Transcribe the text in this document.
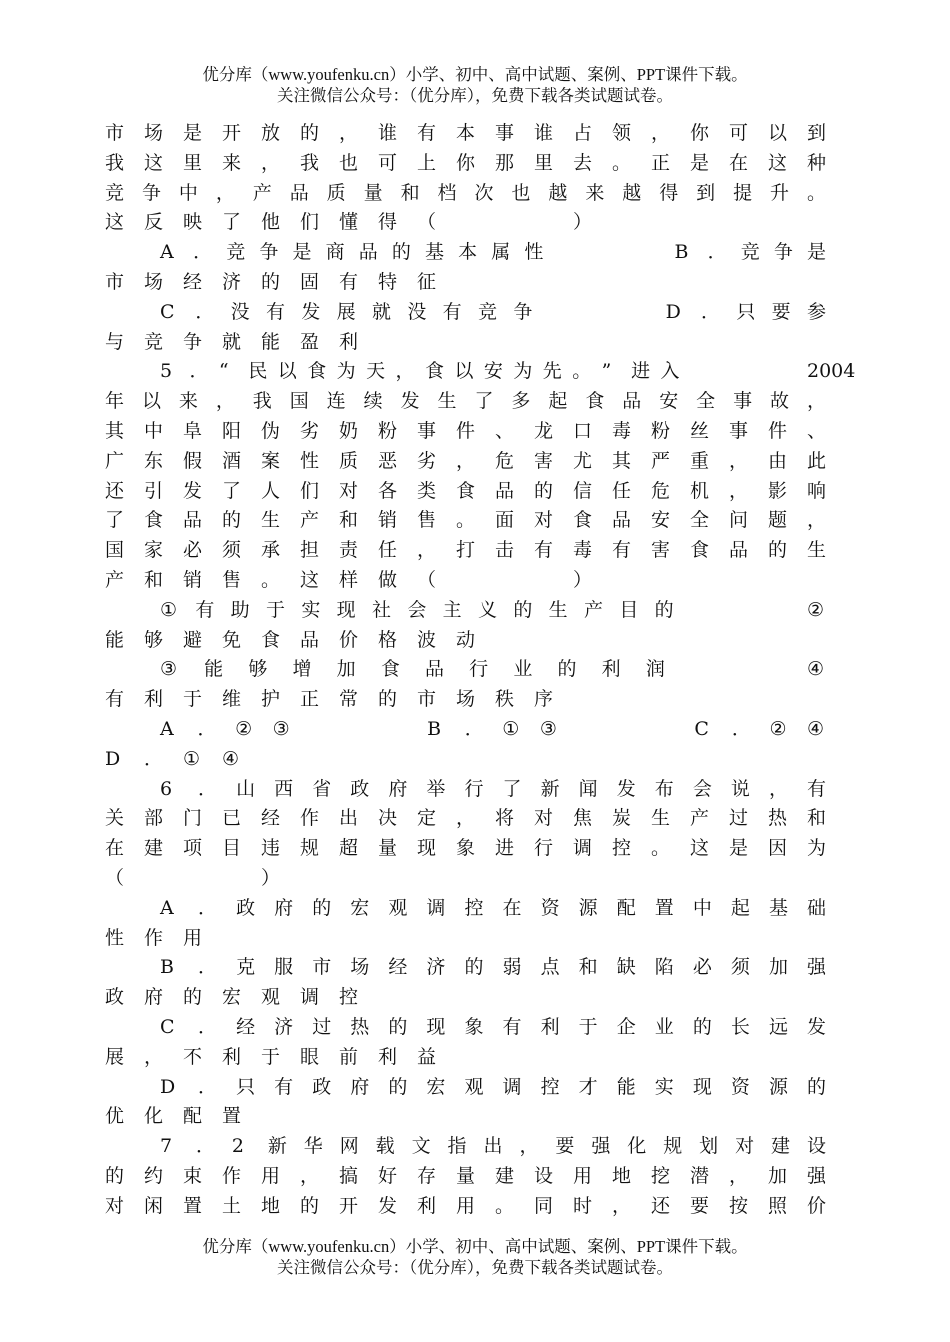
优分库（www.youfenku.cn）小学、初中、高中试题、案例、PPT课件下载。
关注微信公众号：（优分库），免费下载各类试题试卷。
市 场 是 开 放 的 ， 谁 有 本 事 谁 占 领 ， 你 可 以 到
我 这 里 来 ， 我 也 可 上 你 那 里 去 。 正 是 在 这 种
竞 争 中 ， 产 品 质 量 和 档 次 也 越 来 越 得 到 提 升 。
这 反 映 了 他 们 懂 得 （	）
A ． 竞 争 是 商 品 的 基 本 属 性	B ． 竞 争 是
市 场 经 济 的 固 有 特 征
C ． 没 有 发 展 就 没 有 竞 争	D ． 只 要 参
与 竞 争 就 能 盈 利
5 ． “ 民 以 食 为 天 ， 食 以 安 为 先 。 ” 进 入	2004
年 以 来 ， 我 国 连 续 发 生 了 多 起 食 品 安 全 事 故 ，
其 中 阜 阳 伪 劣 奶 粉 事 件 、 龙 口 毒 粉 丝 事 件 、
广 东 假 酒 案 性 质 恶 劣 ， 危 害 尤 其 严 重 ， 由 此
还 引 发 了 人 们 对 各 类 食 品 的 信 任 危 机 ， 影 响
了 食 品 的 生 产 和 销 售 。 面 对 食 品 安 全 问 题 ，
国 家 必 须 承 担 责 任 ， 打 击 有 毒 有 害 食 品 的 生
产 和 销 售 。 这 样 做 （	）
① 有 助 于 实 现 社 会 主 义 的 生 产 目 的	②
能 够 避 免 食 品 价 格 波 动
③ 能 够 增 加 食 品 行 业 的 利 润	④
有 利 于 维 护 正 常 的 市 场 秩 序
A ． ② ③	B ． ① ③	C ． ② ④
D ． ① ④
6 ． 山 西 省 政 府 举 行 了 新 闻 发 布 会 说 ， 有
关 部 门 已 经 作 出 决 定 ， 将 对 焦 炭 生 产 过 热 和
在 建 项 目 违 规 超 量 现 象 进 行 调 控 。 这 是 因 为
（	）
A ． 政 府 的 宏 观 调 控 在 资 源 配 置 中 起 基 础
性 作 用
B ． 克 服 市 场 经 济 的 弱 点 和 缺 陷 必 须 加 强
政 府 的 宏 观 调 控
C ． 经 济 过 热 的 现 象 有 利 于 企 业 的 长 远 发
展 ， 不 利 于 眼 前 利 益
D ． 只 有 政 府 的 宏 观 调 控 才 能 实 现 资 源 的
优 化 配 置
7 ． 2 新 华 网 载 文 指 出 ， 要 强 化 规 划 对 建 设
的 约 束 作 用 ， 搞 好 存 量 建 设 用 地 挖 潜 ， 加 强
对 闲 置 土 地 的 开 发 利 用 。 同 时 ， 还 要 按 照 价
优分库（www.youfenku.cn）小学、初中、高中试题、案例、PPT课件下载。
关注微信公众号：（优分库），免费下载各类试题试卷。
